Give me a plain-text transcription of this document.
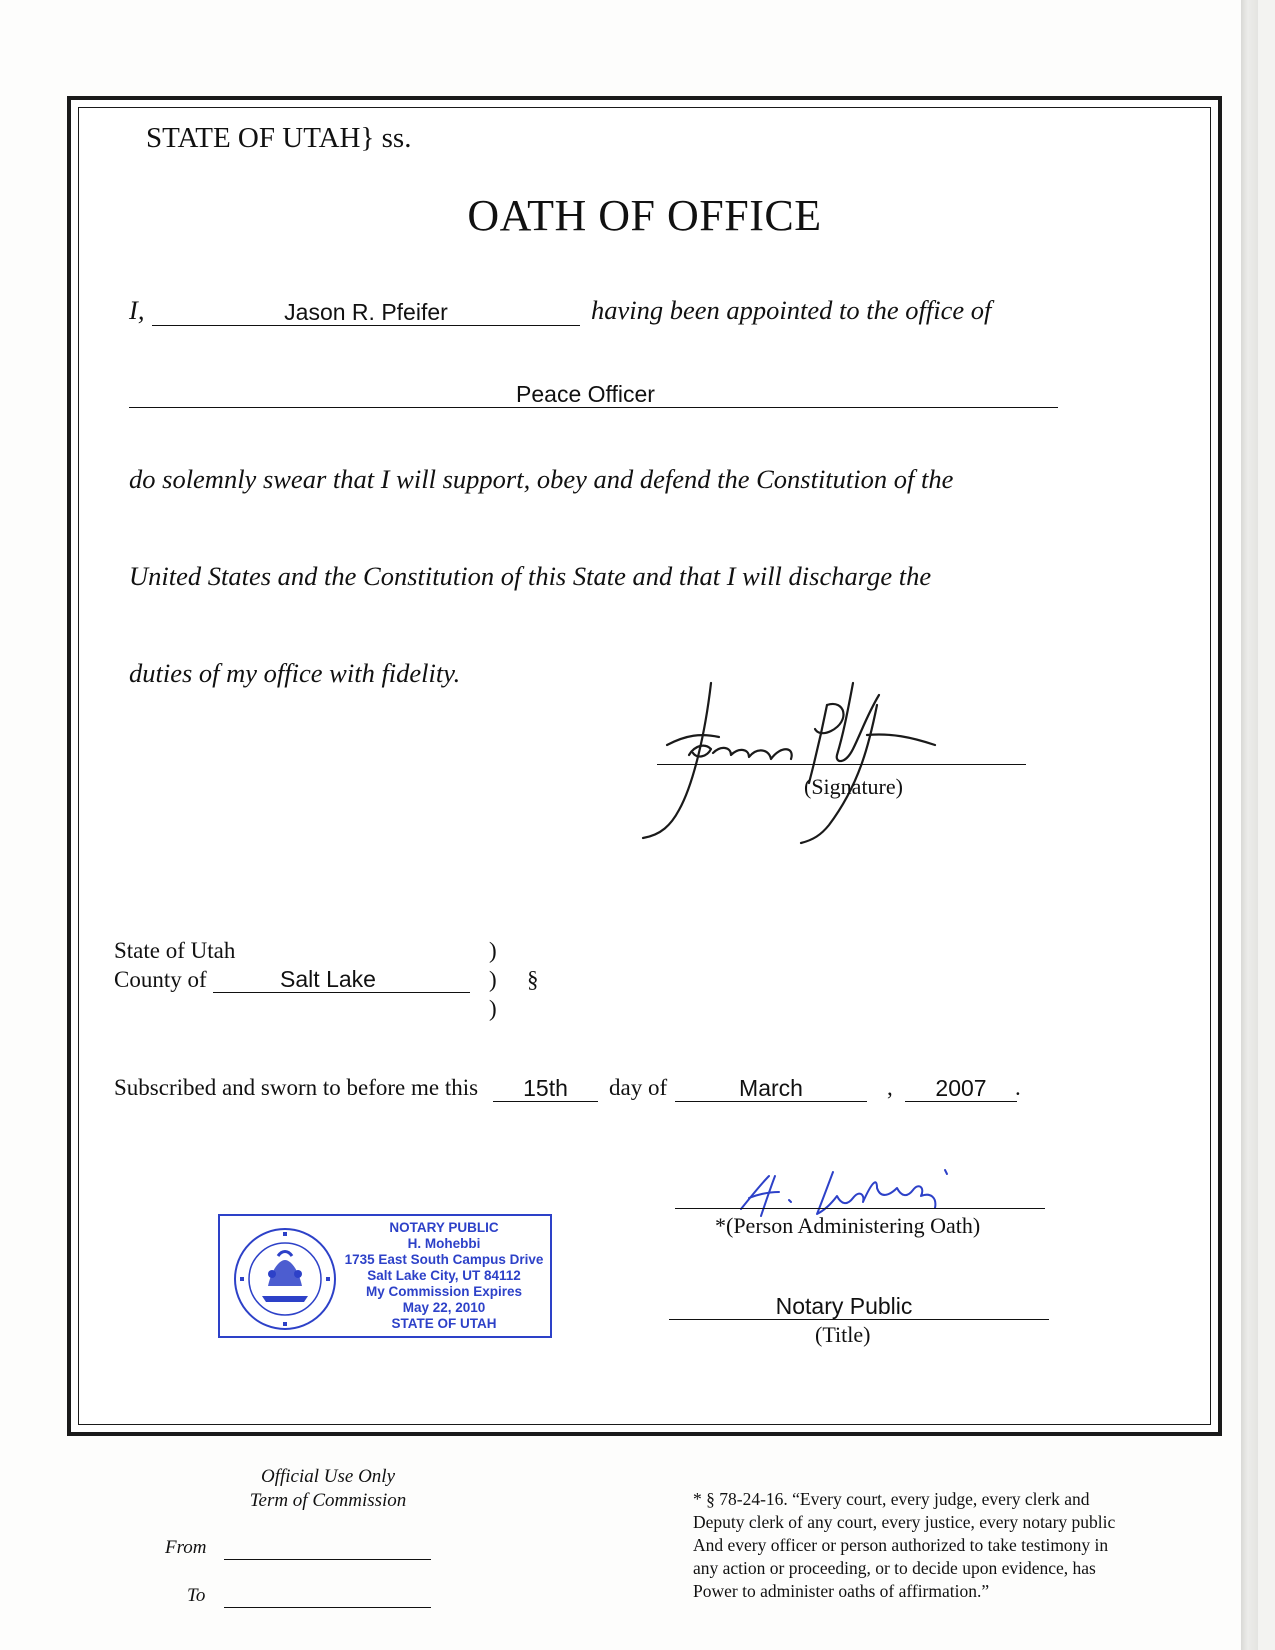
STATE OF UTAH} ss.
OATH OF OFFICE
I,	Jason R. Pfeifer	having been appointed to the office of
Peace Officer
do solemnly swear that I will support, obey and defend the Constitution of the
United States and the Constitution of this State and that I will discharge the
duties of my office with fidelity.
(Signature)
State of Utah
County of	Salt Lake
)
)
)
§
Subscribed and sworn to before me this	15th	day of	March	,	2007	.
NOTARY PUBLIC
H. Mohebbi
1735 East South Campus Drive
Salt Lake City, UT 84112
My Commission Expires
May 22, 2010
STATE OF UTAH
*(Person Administering Oath)
Notary Public
(Title)
Official Use Only
Term of Commission
From
To
* § 78-24-16. “Every court, every judge, every clerk and
Deputy clerk of any court, every justice, every notary public
And every officer or person authorized to take testimony in
any action or proceeding, or to decide upon evidence, has
Power to administer oaths of affirmation.”
